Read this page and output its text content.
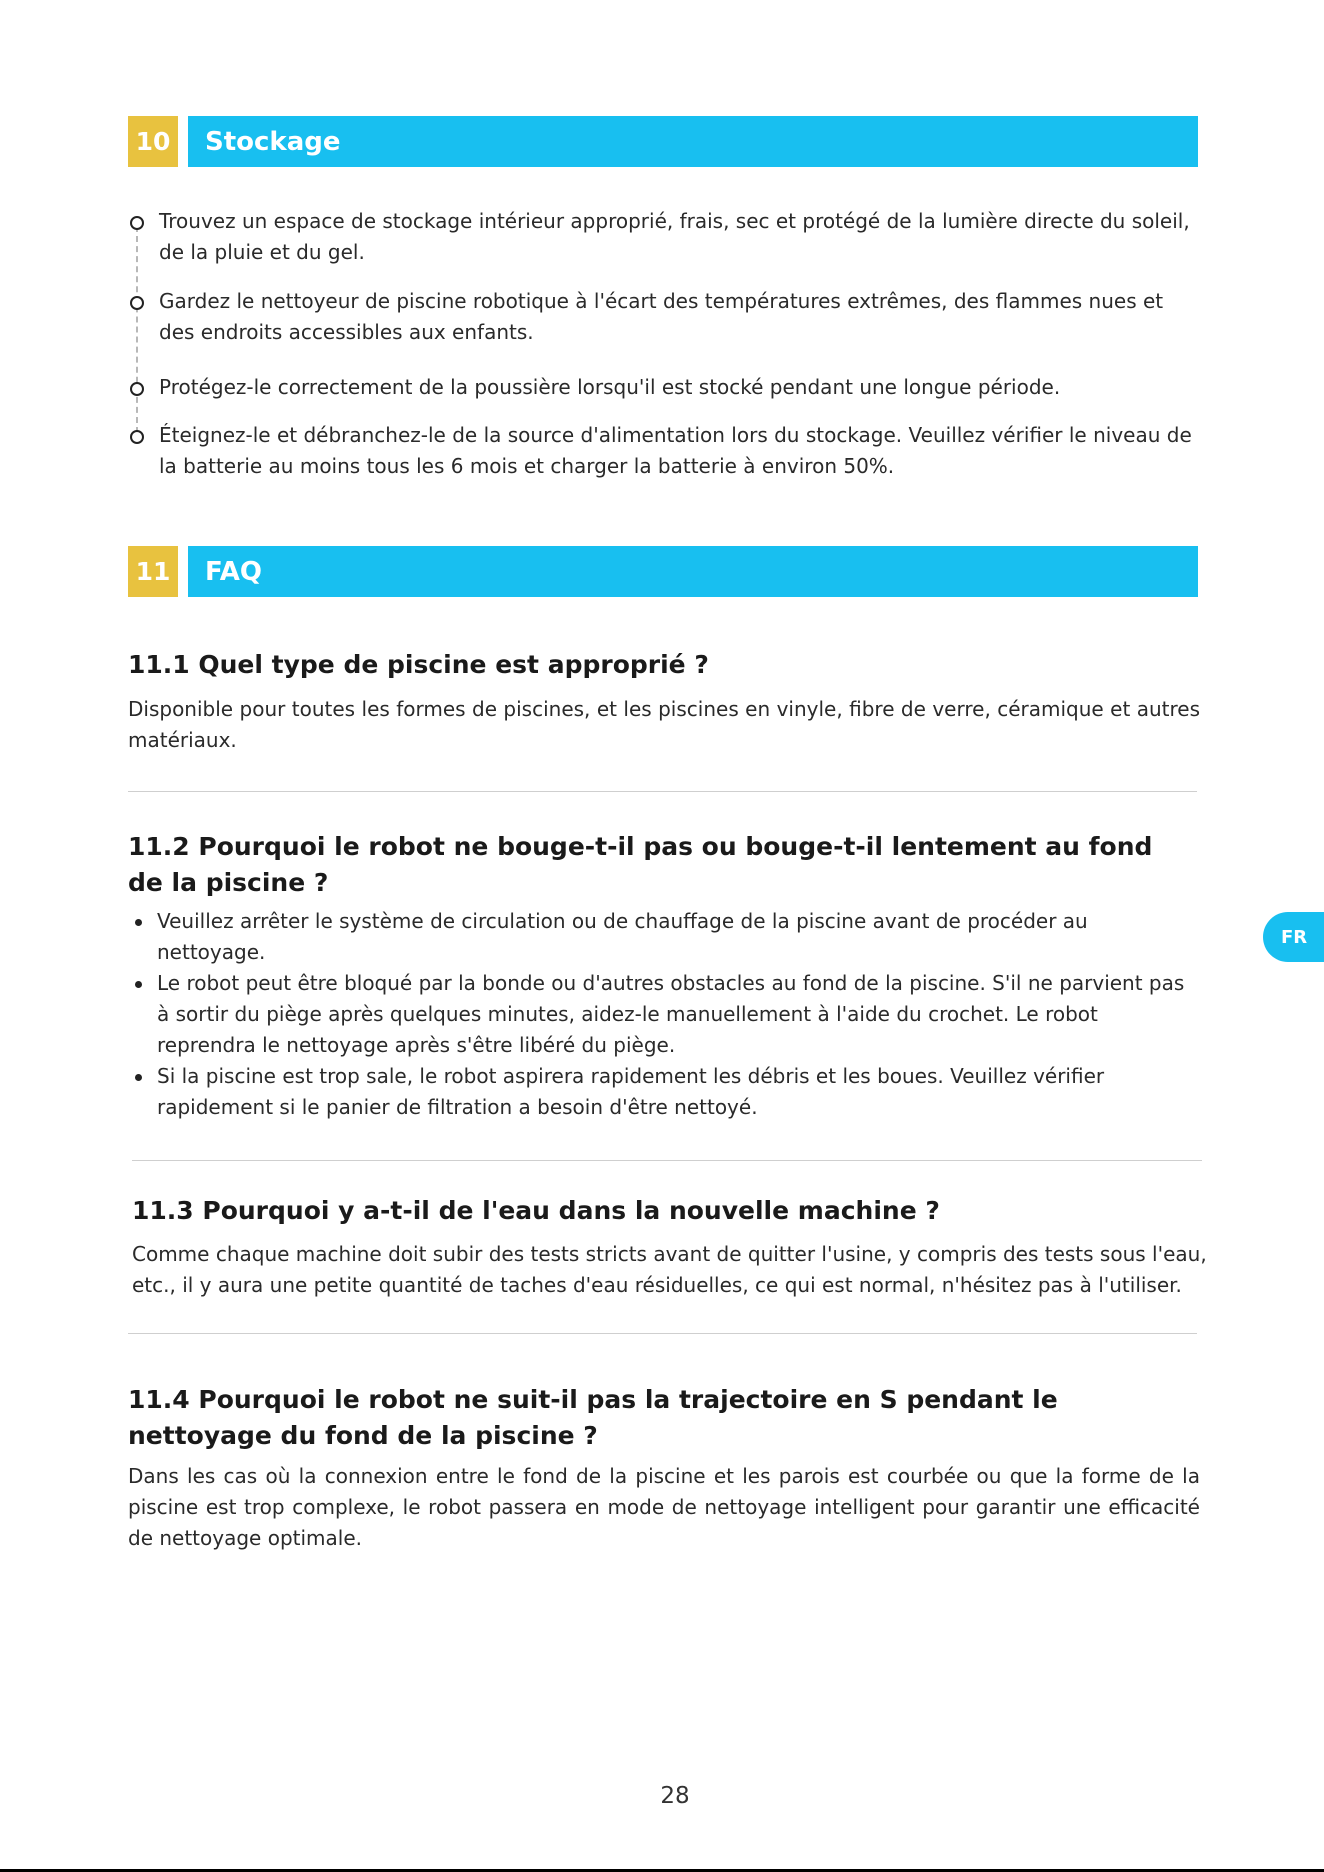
10	Stockage
Trouvez un espace de stockage intérieur approprié, frais, sec et protégé de la lumière directe du soleil, de la pluie et du gel.
Gardez le nettoyeur de piscine robotique à l'écart des températures extrêmes, des flammes nues et des endroits accessibles aux enfants.
Protégez-le correctement de la poussière lorsqu'il est stocké pendant une longue période.
Éteignez-le et débranchez-le de la source d'alimentation lors du stockage. Veuillez vérifier le niveau de la batterie au moins tous les 6 mois et charger la batterie à environ 50%.
11	FAQ
11.1 Quel type de piscine est approprié ?
Disponible pour toutes les formes de piscines, et les piscines en vinyle, fibre de verre, céramique et autres matériaux.
11.2 Pourquoi le robot ne bouge-t-il pas ou bouge-t-il lentement au fond de la piscine ?
Veuillez arrêter le système de circulation ou de chauffage de la piscine avant de procéder au nettoyage.
Le robot peut être bloqué par la bonde ou d'autres obstacles au fond de la piscine. S'il ne parvient pas à sortir du piège après quelques minutes, aidez-le manuellement à l'aide du crochet. Le robot reprendra le nettoyage après s'être libéré du piège.
Si la piscine est trop sale, le robot aspirera rapidement les débris et les boues. Veuillez vérifier rapidement si le panier de filtration a besoin d'être nettoyé.
11.3 Pourquoi y a-t-il de l'eau dans la nouvelle machine ?
Comme chaque machine doit subir des tests stricts avant de quitter l'usine, y compris des tests sous l'eau, etc., il y aura une petite quantité de taches d'eau résiduelles, ce qui est normal, n'hésitez pas à l'utiliser.
11.4 Pourquoi le robot ne suit-il pas la trajectoire en S pendant le nettoyage du fond de la piscine ?
Dans les cas où la connexion entre le fond de la piscine et les parois est courbée ou que la forme de la piscine est trop complexe, le robot passera en mode de nettoyage intelligent pour garantir une efficacité de nettoyage optimale.
FR
28
